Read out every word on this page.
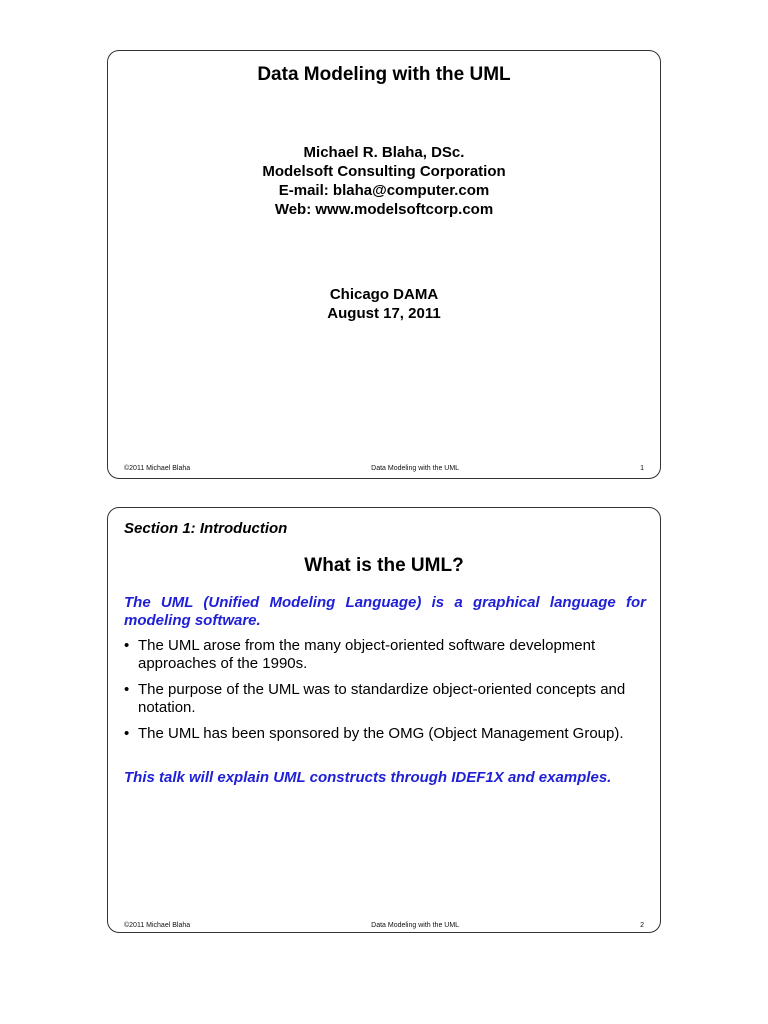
Data Modeling with the UML
Michael R. Blaha, DSc.
Modelsoft Consulting Corporation
E-mail: blaha@computer.com
Web: www.modelsoftcorp.com
Chicago DAMA
August 17, 2011
©2011 Michael Blaha	Data Modeling with the UML	1
Section 1: Introduction
What is the UML?
The UML (Unified Modeling Language) is a graphical language for modeling software.
• The UML arose from the many object-oriented software development approaches of the 1990s.
• The purpose of the UML was to standardize object-oriented concepts and notation.
• The UML has been sponsored by the OMG (Object Management Group).
This talk will explain UML constructs through IDEF1X and examples.
©2011 Michael Blaha	Data Modeling with the UML	2
